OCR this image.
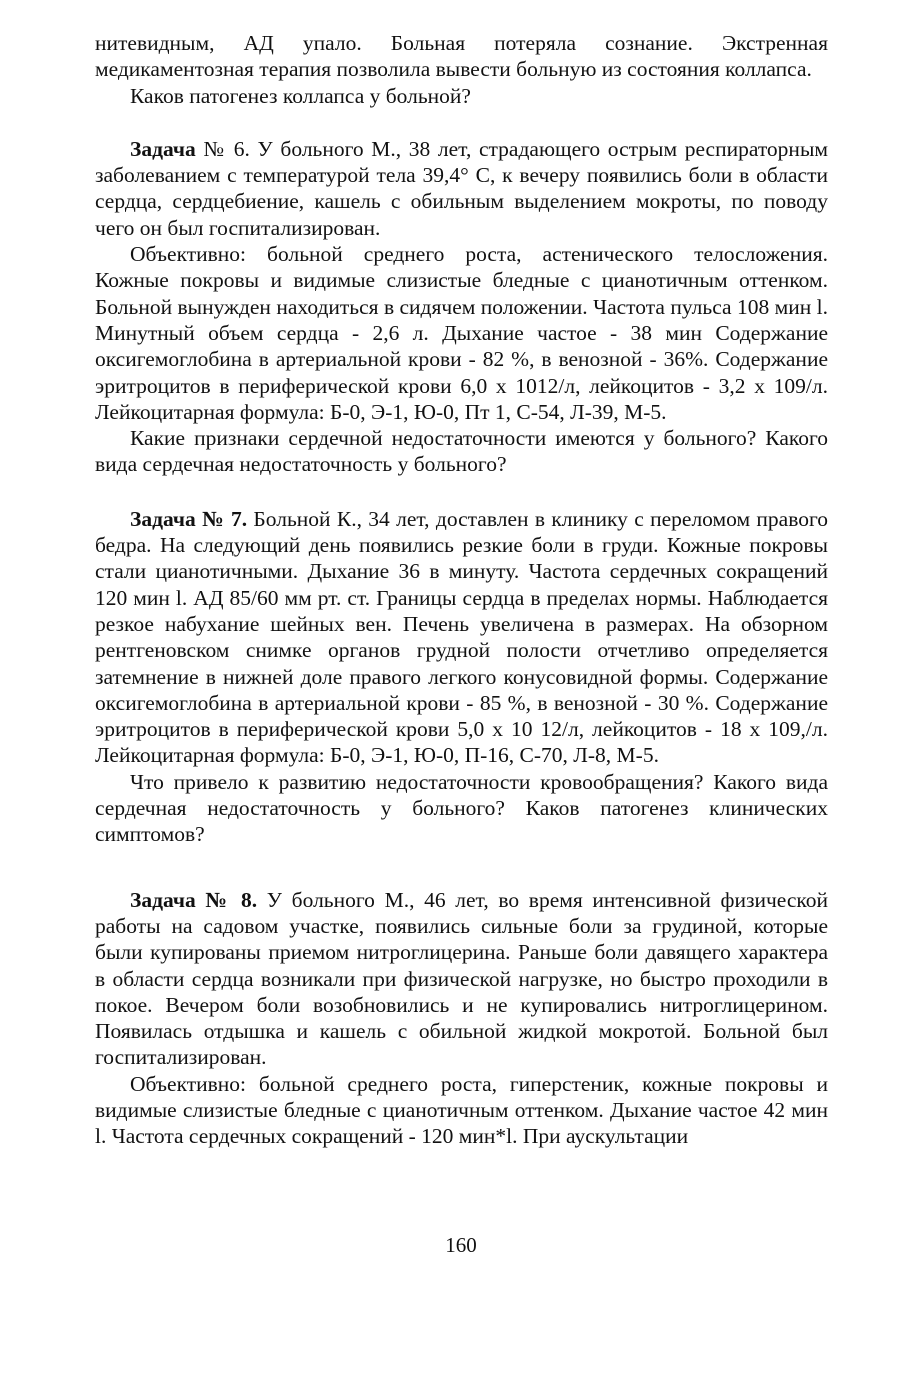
нитевидным, АД упало. Больная потеряла сознание. Экстренная медикаментозная терапия позволила вывести больную из состояния коллапса.

Каков патогенез коллапса у больной?

Задача № 6. У больного М., 38 лет, страдающего острым респираторным заболеванием с температурой тела 39,4° С, к вечеру появились боли в области сердца, сердцебиение, кашель с обильным выделением мокроты, по поводу чего он был госпитализирован.

Объективно: больной среднего роста, астенического телосложения. Кожные покровы и видимые слизистые бледные с цианотичным оттенком. Больной вынужден находиться в сидячем положении. Частота пульса 108 мин l. Минутный объем сердца - 2,6 л. Дыхание частое - 38 мин Содержание оксигемоглобина в артериальной крови - 82 %, в венозной - 36%. Содержание эритроцитов в периферической крови 6,0 х 1012/л, лейкоцитов - 3,2 х 109/л. Лейкоцитарная формула: Б-0, Э-1, Ю-0, Пт 1, С-54, Л-39, М-5.

Какие признаки сердечной недостаточности имеются у больного? Какого вида сердечная недостаточность у больного?

Задача № 7. Больной К., 34 лет, доставлен в клинику с переломом правого бедра. На следующий день появились резкие боли в груди. Кожные покровы стали цианотичными. Дыхание 36 в минуту. Частота сердечных сокращений 120 мин l. АД 85/60 мм рт. ст. Границы сердца в пределах нормы. Наблюдается резкое набухание шейных вен. Печень увеличена в размерах. На обзорном рентгеновском снимке органов грудной полости отчетливо определяется затемнение в нижней доле правого легкого конусовидной формы. Содержание оксигемоглобина в артериальной крови - 85 %, в венозной - 30 %. Содержание эритроцитов в периферической крови 5,0 х 10 12/л, лейкоцитов - 18 х 109,/л. Лейкоцитарная формула: Б-0, Э-1, Ю-0, П-16, С-70, Л-8, М-5.

Что привело к развитию недостаточности кровообращения? Какого вида сердечная недостаточность у больного? Каков патогенез клинических симптомов?

Задача № 8. У больного М., 46 лет, во время интенсивной физической работы на садовом участке, появились сильные боли за грудиной, которые были купированы приемом нитроглицерина. Раньше боли давящего характера в области сердца возникали при физической нагрузке, но быстро проходили в покое. Вечером боли возобновились и не купировались нитроглицерином. Появилась отдышка и кашель с обильной жидкой мокротой. Больной был госпитализирован.

Объективно: больной среднего роста, гиперстеник, кожные покровы и видимые слизистые бледные с цианотичным оттенком. Дыхание частое 42 мин l. Частота сердечных сокращений - 120 мин*l. При аускультации

160
